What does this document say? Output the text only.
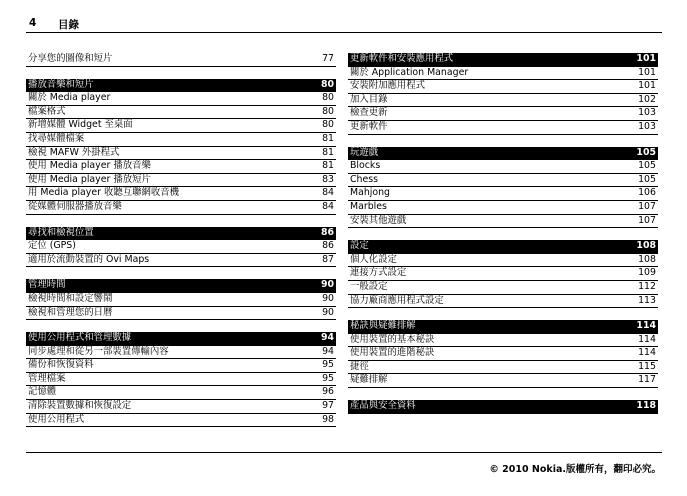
4 目錄
分享您的圖像和短片	77
播放音樂和短片	80
關於 Media player	80
檔案格式	80
新增媒體 Widget 至桌面	80
找尋媒體檔案	81
檢視 MAFW 外掛程式	81
使用 Media player 播放音樂	81
使用 Media player 播放短片	83
用 Media player 收聽互聯網收音機	84
從媒體伺服器播放音樂	84
尋找和檢視位置	86
定位 (GPS)	86
適用於流動裝置的 Ovi Maps	87
管理時間	90
檢視時間和設定響鬧	90
檢視和管理您的日曆	90
使用公用程式和管理數據	94
同步處理和從另一部裝置傳輸內容	94
備份和恢復資料	95
管理檔案	95
記憶體	96
清除裝置數據和恢復設定	97
使用公用程式	98
更新軟件和安裝應用程式	101
關於 Application Manager	101
安裝附加應用程式	101
加入目錄	102
檢查更新	103
更新軟件	103
玩遊戲	105
Blocks	105
Chess	105
Mahjong	106
Marbles	107
安裝其他遊戲	107
設定	108
個人化設定	108
連接方式設定	109
一般設定	112
協力廠商應用程式設定	113
秘訣與疑難排解	114
使用裝置的基本秘訣	114
使用裝置的進階秘訣	114
捷徑	115
疑難排解	117
產品與安全資料	118
© 2010 Nokia.版權所有，翻印必究。
